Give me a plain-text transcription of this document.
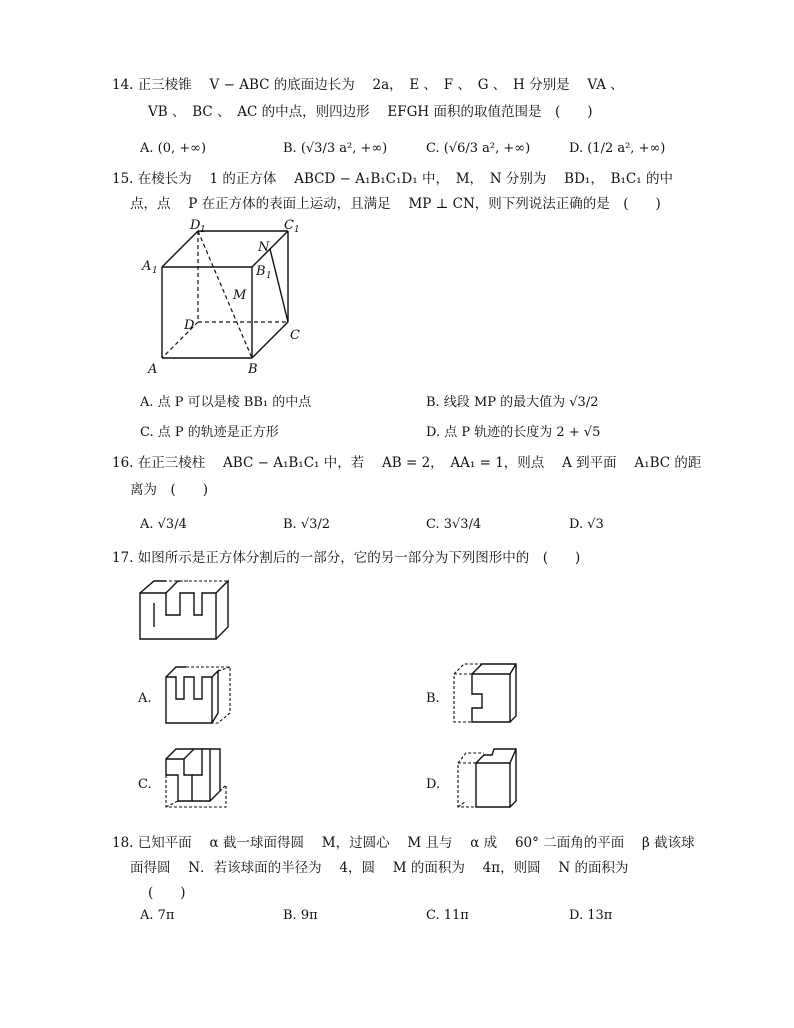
14. 正三棱锥　 V − ABC 的底面边长为　 2a，　E 、　F 、　G 、　H 分别是　 VA 、
VB 、　BC 、　AC 的中点，则四边形　 EFGH 面积的取值范围是　(　　)
A. (0, +∞)	B. (√3/3 a², +∞)	C. (√6/3 a², +∞)	D. (1/2 a², +∞)
15. 在棱长为　 1 的正方体　 ABCD − A₁B₁C₁D₁ 中，　M，　N 分别为　 BD₁，　B₁C₁ 的中
点，点　 P 在正方体的表面上运动，且满足　 MP ⊥ CN，则下列说法正确的是　(　　)
D 1	C 1
A 1	B 1
N
M
D
C
A	B
A. 点 P 可以是棱 BB₁ 的中点	B. 线段 MP 的最大值为 √3/2
C. 点 P 的轨迹是正方形	D. 点 P 轨迹的长度为 2 + √5
16. 在正三棱柱　 ABC − A₁B₁C₁ 中，若　 AB = 2，　AA₁ = 1，则点　 A 到平面　 A₁BC 的距
离为　(　　)
A. √3/4	B. √3/2	C. 3√3/4	D. √3
17. 如图所示是正方体分割后的一部分，它的另一部分为下列图形中的　(　　)
A.	B.
C.	D.
18. 已知平面　 α 截一球面得圆　 M，过圆心　 M 且与　 α 成　 60° 二面角的平面　 β 截该球
面得圆　 N．若该球面的半径为　 4，圆　 M 的面积为　 4π，则圆　 N 的面积为
(　　)
A. 7π	B. 9π	C. 11π	D. 13π
